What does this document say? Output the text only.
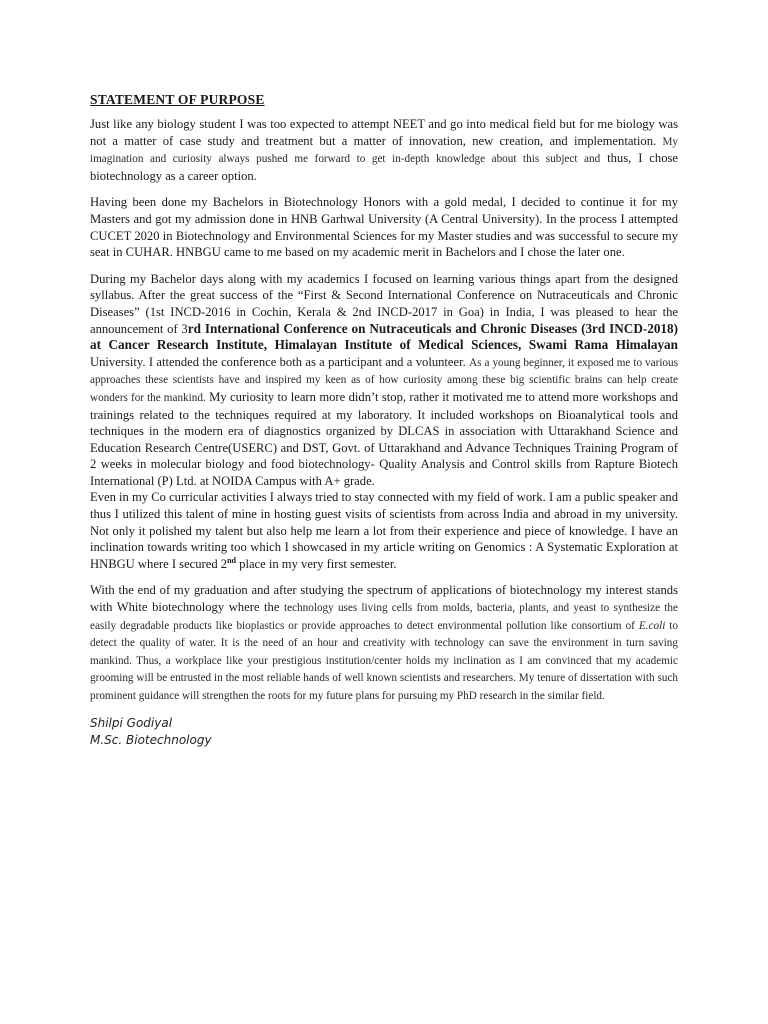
STATEMENT OF PURPOSE

Just like any biology student I was too expected to attempt NEET and go into medical field but for me biology was not a matter of case study and treatment but a matter of innovation, new creation, and implementation. My imagination and curiosity always pushed me forward to get in-depth knowledge about this subject and thus, I chose biotechnology as a career option.

Having been done my Bachelors in Biotechnology Honors with a gold medal, I decided to continue it for my Masters and got my admission done in HNB Garhwal University (A Central University). In the process I attempted CUCET 2020 in Biotechnology and Environmental Sciences for my Master studies and was successful to secure my seat in CUHAR. HNBGU came to me based on my academic merit in Bachelors and I chose the later one.

During my Bachelor days along with my academics I focused on learning various things apart from the designed syllabus. After the great success of the “First & Second International Conference on Nutraceuticals and Chronic Diseases” (1st INCD-2016 in Cochin, Kerala & 2nd INCD-2017 in Goa) in India, I was pleased to hear the announcement of 3rd International Conference on Nutraceuticals and Chronic Diseases (3rd INCD-2018) at Cancer Research Institute, Himalayan Institute of Medical Sciences, Swami Rama Himalayan University. I attended the conference both as a participant and a volunteer. As a young beginner, it exposed me to various approaches these scientists have and inspired my keen as of how curiosity among these big scientific brains can help create wonders for the mankind. My curiosity to learn more didn’t stop, rather it motivated me to attend more workshops and trainings related to the techniques required at my laboratory. It included workshops on Bioanalytical tools and techniques in the modern era of diagnostics organized by DLCAS in association with Uttarakhand Science and Education Research Centre(USERC) and DST, Govt. of Uttarakhand and Advance Techniques Training Program of 2 weeks in molecular biology and food biotechnology- Quality Analysis and Control skills from Rapture Biotech International (P) Ltd. at NOIDA Campus with A+ grade.

Even in my Co curricular activities I always tried to stay connected with my field of work. I am a public speaker and thus I utilized this talent of mine in hosting guest visits of scientists from across India and abroad in my university. Not only it polished my talent but also help me learn a lot from their experience and piece of knowledge. I have an inclination towards writing too which I showcased in my article writing on Genomics : A Systematic Exploration at HNBGU where I secured 2nd place in my very first semester.

With the end of my graduation and after studying the spectrum of applications of biotechnology my interest stands with White biotechnology where the technology uses living cells from molds, bacteria, plants, and yeast to synthesize the easily degradable products like bioplastics or provide approaches to detect environmental pollution like consortium of E.coli to detect the quality of water. It is the need of an hour and creativity with technology can save the environment in turn saving mankind. Thus, a workplace like your prestigious institution/center holds my inclination as I am convinced that my academic grooming will be entrusted in the most reliable hands of well known scientists and researchers. My tenure of dissertation with such prominent guidance will strengthen the roots for my future plans for pursuing my PhD research in the similar field.

Shilpi Godiyal
M.Sc. Biotechnology
